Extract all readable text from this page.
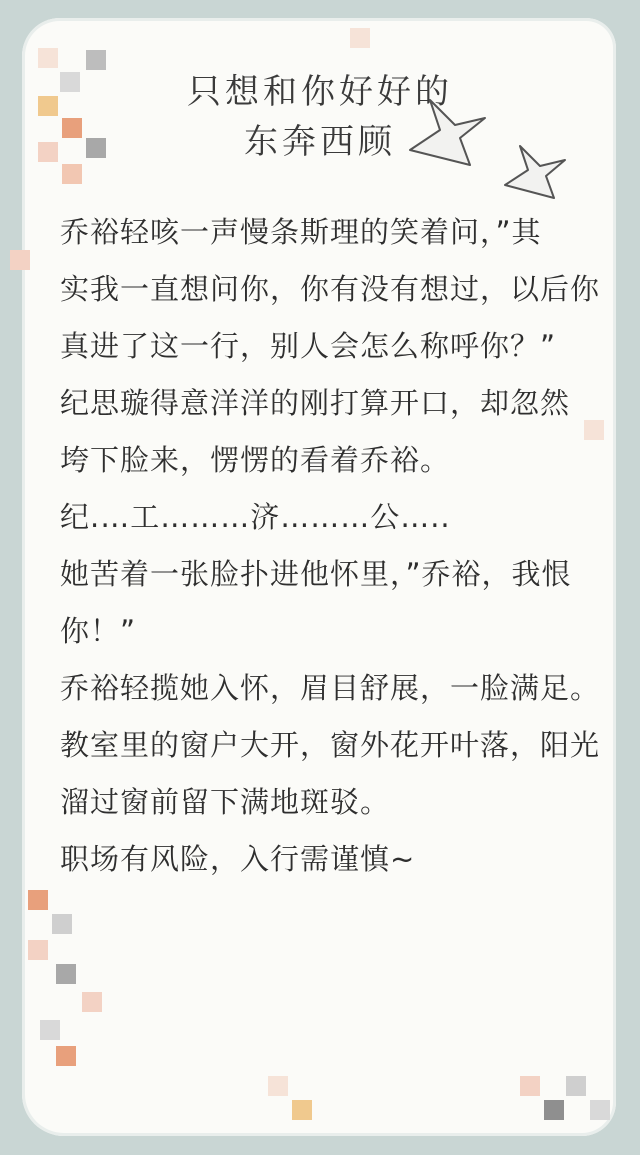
只想和你好好的
东奔西顾
乔裕轻咳一声慢条斯理的笑着问，”其
实我一直想问你，你有没有想过，以后你
真进了这一行，别人会怎么称呼你？”
纪思璇得意洋洋的刚打算开口，却忽然
垮下脸来，愣愣的看着乔裕。
纪.…工………济………公…..
她苦着一张脸扑进他怀里，”乔裕，我恨
你！”
乔裕轻揽她入怀，眉目舒展，一脸满足。
教室里的窗户大开，窗外花开叶落，阳光
溜过窗前留下满地斑驳。
职场有风险，入行需谨慎~
